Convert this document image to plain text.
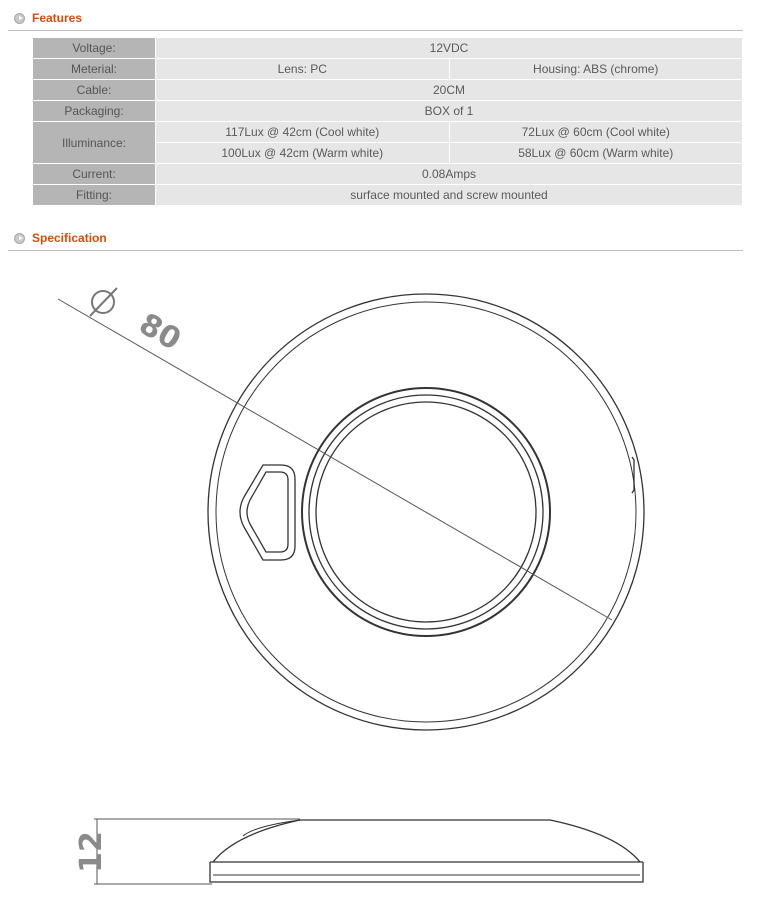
Features
Voltage:	12VDC	
Meterial:	Lens: PC	Housing: ABS (chrome)
Cable:	20CM	
Packaging:	BOX of 1	
Illuminance:	117Lux @ 42cm (Cool white)	72Lux @ 60cm (Cool white)
	100Lux @ 42cm (Warm white)	58Lux @ 60cm (Warm white)
Current:	0.08Amps	
Fitting:	surface mounted and screw mounted	
Specification
80
12
